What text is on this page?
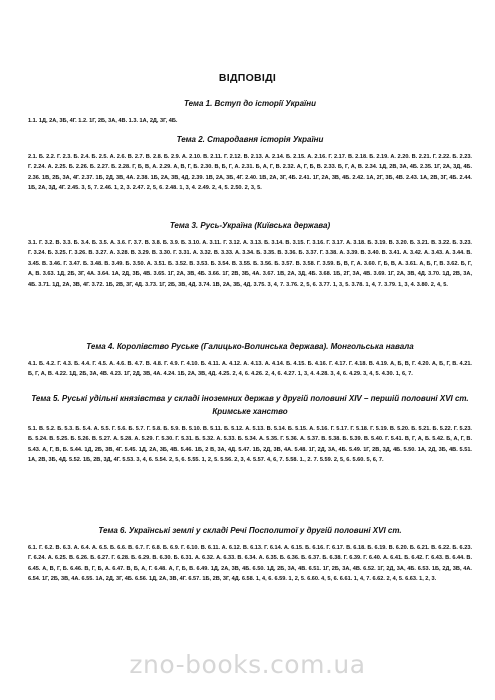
ВІДПОВІДІ

Тема 1. Вступ до історії України

1.1. 1Д, 2А, 3Б, 4Г. 1.2. 1Г, 2Б, 3А, 4В. 1.3. 1А, 2Д, 3Г, 4Б.

Тема 2. Стародавня історія України

2.1. Б. 2.2. Г. 2.3. Б. 2.4. Б. 2.5. А. 2.6. В. 2.7. В. 2.8. Б. 2.9. А. 2.10. В. 2.11. Г. 2.12. В. 2.13. А. 2.14. Б. 2.15. А. 2.16. Г. 2.17. В. 2.18. Б. 2.19. А. 2.20. В. 2.21. Г. 2.22. Б. 2.23. Г. 2.24. А. 2.25. Б. 2.26. Б. 2.27. Б. 2.28. Г, Б, В, А. 2.29. А, В, Г, Б. 2.30. В, Б, Г, А. 2.31. Б, А, Г, В. 2.32. А, Г, Б, В. 2.33. Б, Г, А, В. 2.34. 1Д, 2В, 3А, 4Б. 2.35. 1Г, 2А, 3Д, 4Б. 2.36. 1В, 2Б, 3А, 4Г. 2.37. 1Б, 2Д, 3В, 4А. 2.38. 1Б, 2А, 3В, 4Д. 2.39. 1В, 2А, 3Б, 4Г. 2.40. 1В, 2А, 3Г, 4Б. 2.41. 1Г, 2А, 3В, 4Б. 2.42. 1А, 2Г, 3Б, 4В. 2.43. 1А, 2В, 3Г, 4Б. 2.44. 1Б, 2А, 3Д, 4Г. 2.45. 3, 5, 7. 2.46. 1, 2, 3. 2.47. 2, 5, 6. 2.48. 1, 3, 4. 2.49. 2, 4, 5. 2.50. 2, 3, 5.

Тема 3. Русь-Україна (Київська держава)

3.1. Г. 3.2. В. 3.3. Б. 3.4. Б. 3.5. А. 3.6. Г. 3.7. В. 3.8. Б. 3.9. Б. 3.10. А. 3.11. Г. 3.12. А. 3.13. Б. 3.14. В. 3.15. Г. 3.16. Г. 3.17. А. 3.18. Б. 3.19. В. 3.20. Б. 3.21. В. 3.22. Б. 3.23. Г. 3.24. Б. 3.25. Г. 3.26. В. 3.27. А. 3.28. В. 3.29. В. 3.30. Г. 3.31. А. 3.32. В. 3.33. А. 3.34. Б. 3.35. В. 3.36. Б. 3.37. Г. 3.38. А. 3.39. В. 3.40. В. 3.41. А. 3.42. А. 3.43. А. 3.44. В. 3.45. В. 3.46. Г. 3.47. Б. 3.48. В. 3.49. Б. 3.50. А. 3.51. Б. 3.52. В. 3.53. Б. 3.54. В. 3.55. Б. 3.56. Б. 3.57. В. 3.58. Г. 3.59. Б, В, Г, А. 3.60. Г, Б, В, А. 3.61. А, Б, Г, В. 3.62. Б, Г, А, В. 3.63. 1Д, 2Б, 3Г, 4А. 3.64. 1А, 2Д, 3Б, 4В. 3.65. 1Г, 2А, 3В, 4Б. 3.66. 1Г, 2В, 3Б, 4А. 3.67. 1В, 2А, 3Д, 4Б. 3.68. 1Б, 2Г, 3А, 4В. 3.69. 1Г, 2А, 3В, 4Д. 3.70. 1Д, 2В, 3А, 4Б. 3.71. 1Д, 2А, 3В, 4Г. 3.72. 1Б, 2В, 3Г, 4Д. 3.73. 1Г, 2Б, 3В, 4Д. 3.74. 1В, 2А, 3Б, 4Д. 3.75. 3, 4, 7. 3.76. 2, 5, 6. 3.77. 1, 3, 5. 3.78. 1, 4, 7. 3.79. 1, 3, 4. 3.80. 2, 4, 5.

Тема 4. Королівство Руське (Галицько-Волинська держава). Монгольська навала

4.1. Б. 4.2. Г. 4.3. Б. 4.4. Г. 4.5. А. 4.6. В. 4.7. В. 4.8. Г. 4.9. Г. 4.10. Б. 4.11. А. 4.12. А. 4.13. А. 4.14. Б. 4.15. Б. 4.16. Г. 4.17. Г. 4.18. В. 4.19. А, Б, В, Г. 4.20. А, Б, Г, В. 4.21. Б, Г, А, В. 4.22. 1Д, 2Б, 3А, 4В. 4.23. 1Г, 2Д, 3В, 4А. 4.24. 1Б, 2А, 3В, 4Д. 4.25. 2, 4, 6. 4.26. 2, 4, 6. 4.27. 1, 3, 4. 4.28. 3, 4, 6. 4.29. 3, 4, 5. 4.30. 1, 6, 7.

Тема 5. Руські удільні князівства у складі іноземних держав у другій половині XIV – першій половині XVI ст. Кримське ханство

5.1. В. 5.2. Б. 5.3. Б. 5.4. А. 5.5. Г. 5.6. Б. 5.7. Г. 5.8. Б. 5.9. В. 5.10. В. 5.11. Б. 5.12. А. 5.13. В. 5.14. Б. 5.15. А. 5.16. Г. 5.17. Г. 5.18. Г. 5.19. В. 5.20. Б. 5.21. Б. 5.22. Г. 5.23. Б. 5.24. В. 5.25. Б. 5.26. В. 5.27. А. 5.28. А. 5.29. Г. 5.30. Г. 5.31. Б. 5.32. А. 5.33. Б. 5.34. А. 5.35. Г. 5.36. А. 5.37. В. 5.38. Б. 5.39. В. 5.40. Г. 5.41. В, Г, А, Б. 5.42. Б, А, Г, В. 5.43. А, Г, В, Б. 5.44. 1Д, 2Б, 3В, 4Г. 5.45. 1Д, 2А, 3Б, 4В. 5.46. 1Б, 2 В, 3А, 4Д. 5.47. 1Б, 2Д, 3В, 4А. 5.48. 1Г, 2Д, 3А, 4Б. 5.49. 1Г, 2В, 3Д, 4Б. 5.50. 1А, 2Д, 3Б, 4В. 5.51. 1А, 2В, 3Б, 4Д. 5.52. 1Б, 2В, 3Д, 4Г. 5.53. 3, 4, 6. 5.54. 2, 5, 6. 5.55. 1, 2, 5. 5.56. 2, 3, 4. 5.57. 4, 6, 7. 5.58. 1., 2. 7. 5.59. 2, 5, 6. 5.60. 5, 6, 7.

Тема 6. Українські землі у складі Речі Посполитої у другій половині XVI ст.

6.1. Г. 6.2. В. 6.3. А. 6.4. А. 6.5. Б. 6.6. В. 6.7. Г. 6.8. Б. 6.9. Г. 6.10. В. 6.11. А. 6.12. В. 6.13. Г. 6.14. А. 6.15. Б. 6.16. Г. 6.17. В. 6.18. Б. 6.19. В. 6.20. Б. 6.21. В. 6.22. Б. 6.23. Г. 6.24. А. 6.25. В. 6.26. Б. 6.27. Г. 6.28. Б. 6.29. В. 6.30. Б. 6.31. А. 6.32. А. 6.33. В. 6.34. А. 6.35. Б. 6.36. Б. 6.37. Б. 6.38. Г. 6.39. Г. 6.40. А. 6.41. Б. 6.42. Г. 6.43. В. 6.44. В. 6.45. А, В, Г, Б. 6.46. В, Г, Б, А. 6.47. В, Б, А, Г. 6.48. А, Г, Б, В. 6.49. 1Д, 2А, 3В, 4Б. 6.50. 1Д, 2Б, 3А, 4В. 6.51. 1Г, 2Б, 3А, 4В. 6.52. 1Г, 2Д, 3А, 4Б. 6.53. 1Б, 2Д, 3В, 4А. 6.54. 1Г, 2Б, 3В, 4А. 6.55. 1А, 2Д, 3Г, 4Б. 6.56. 1Д, 2А, 3В, 4Г. 6.57. 1Б, 2В, 3Г, 4Д. 6.58. 1, 4, 6. 6.59. 1, 2, 5. 6.60. 4, 5, 6. 6.61. 1, 4, 7. 6.62. 2, 4, 5. 6.63. 1, 2, 3.

zno-books.com.ua
